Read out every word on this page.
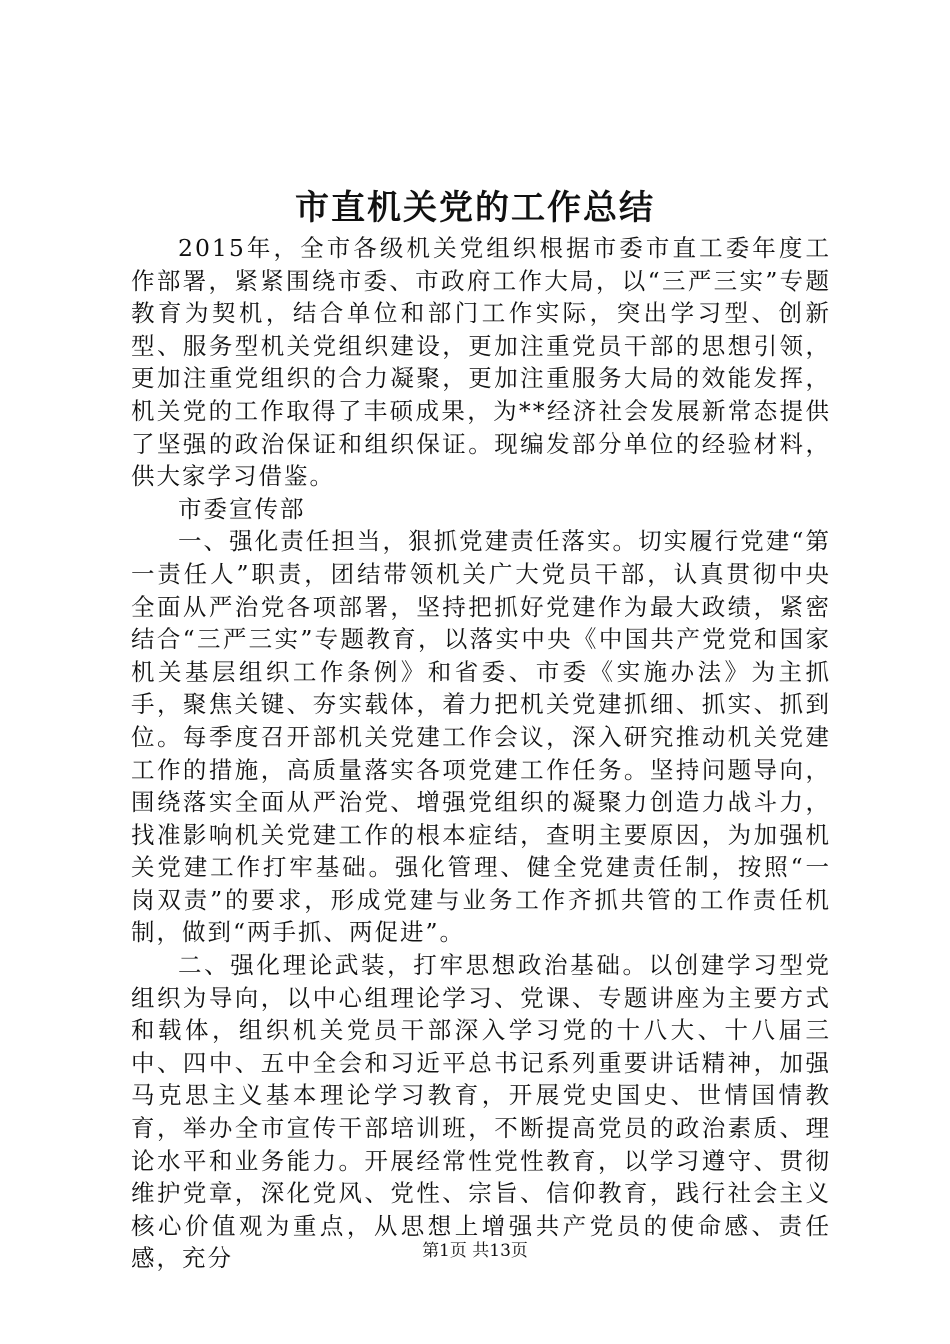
市直机关党的工作总结

2015年，全市各级机关党组织根据市委市直工委年度工作部署，紧紧围绕市委、市政府工作大局，以“三严三实”专题教育为契机，结合单位和部门工作实际，突出学习型、创新型、服务型机关党组织建设，更加注重党员干部的思想引领，更加注重党组织的合力凝聚，更加注重服务大局的效能发挥，机关党的工作取得了丰硕成果，为**经济社会发展新常态提供了坚强的政治保证和组织保证。现编发部分单位的经验材料，供大家学习借鉴。

市委宣传部

一、强化责任担当，狠抓党建责任落实。切实履行党建“第一责任人”职责，团结带领机关广大党员干部，认真贯彻中央全面从严治党各项部署，坚持把抓好党建作为最大政绩，紧密结合“三严三实”专题教育，以落实中央《中国共产党党和国家机关基层组织工作条例》和省委、市委《实施办法》为主抓手，聚焦关键、夯实载体，着力把机关党建抓细、抓实、抓到位。每季度召开部机关党建工作会议，深入研究推动机关党建工作的措施，高质量落实各项党建工作任务。坚持问题导向，围绕落实全面从严治党、增强党组织的凝聚力创造力战斗力，找准影响机关党建工作的根本症结，查明主要原因，为加强机关党建工作打牢基础。强化管理、健全党建责任制，按照“一岗双责”的要求，形成党建与业务工作齐抓共管的工作责任机制，做到“两手抓、两促进”。

二、强化理论武装，打牢思想政治基础。以创建学习型党组织为导向，以中心组理论学习、党课、专题讲座为主要方式和载体，组织机关党员干部深入学习党的十八大、十八届三中、四中、五中全会和习近平总书记系列重要讲话精神，加强马克思主义基本理论学习教育，开展党史国史、世情国情教育，举办全市宣传干部培训班，不断提高党员的政治素质、理论水平和业务能力。开展经常性党性教育，以学习遵守、贯彻维护党章，深化党风、党性、宗旨、信仰教育，践行社会主义核心价值观为重点，从思想上增强共产党员的使命感、责任感，充分	第1页 共13页
